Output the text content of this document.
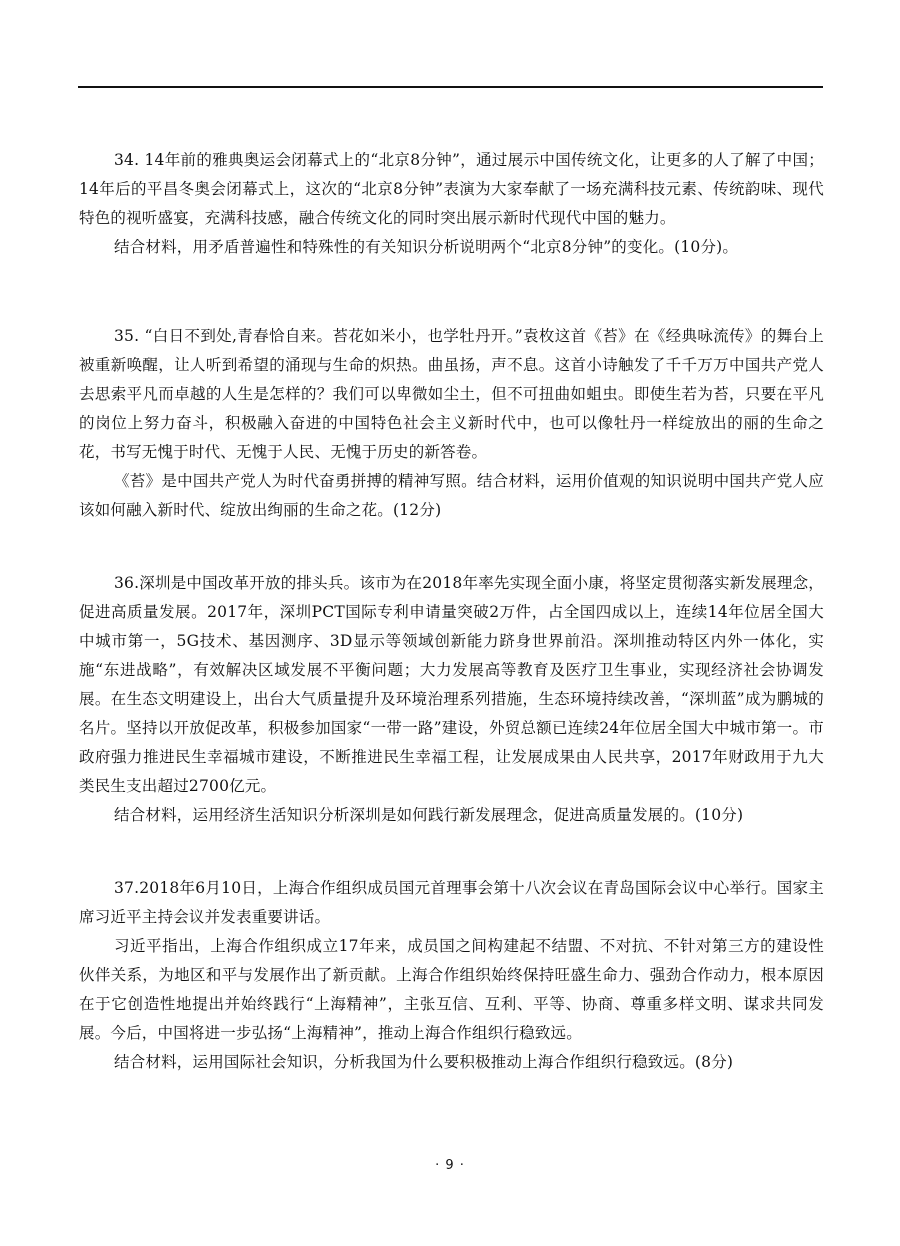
34. 14年前的雅典奥运会闭幕式上的“北京8分钟”，通过展示中国传统文化，让更多的人了解了中国；14年后的平昌冬奥会闭幕式上，这次的“北京8分钟”表演为大家奉献了一场充满科技元素、传统韵味、现代特色的视听盛宴，充满科技感，融合传统文化的同时突出展示新时代现代中国的魅力。

结合材料，用矛盾普遍性和特殊性的有关知识分析说明两个“北京8分钟”的变化。(10分)。

35. “白日不到处,青春恰自来。苔花如米小，也学牡丹开。”袁枚这首《苔》在《经典咏流传》的舞台上被重新唤醒，让人听到希望的涌现与生命的炽热。曲虽扬，声不息。这首小诗触发了千千万万中国共产党人去思索平凡而卓越的人生是怎样的？我们可以卑微如尘土，但不可扭曲如蛆虫。即使生若为苔，只要在平凡的岗位上努力奋斗，积极融入奋进的中国特色社会主义新时代中，也可以像牡丹一样绽放出的丽的生命之花，书写无愧于时代、无愧于人民、无愧于历史的新答卷。

《苔》是中国共产党人为时代奋勇拼搏的精神写照。结合材料，运用价值观的知识说明中国共产党人应该如何融入新时代、绽放出绚丽的生命之花。(12分)

36.深圳是中国改革开放的排头兵。该市为在2018年率先实现全面小康，将坚定贯彻落实新发展理念，促进高质量发展。2017年，深圳PCT国际专利申请量突破2万件，占全国四成以上，连续14年位居全国大中城市第一，5G技术、基因测序、3D显示等领域创新能力跻身世界前沿。深圳推动特区内外一体化，实施“东进战略”，有效解决区域发展不平衡问题；大力发展高等教育及医疗卫生事业，实现经济社会协调发展。在生态文明建设上，出台大气质量提升及环境治理系列措施，生态环境持续改善，“深圳蓝”成为鹏城的名片。坚持以开放促改革，积极参加国家“一带一路”建设，外贸总额已连续24年位居全国大中城市第一。市政府强力推进民生幸福城市建设，不断推进民生幸福工程，让发展成果由人民共享，2017年财政用于九大类民生支出超过2700亿元。

结合材料，运用经济生活知识分析深圳是如何践行新发展理念，促进高质量发展的。(10分)

37.2018年6月10日，上海合作组织成员国元首理事会第十八次会议在青岛国际会议中心举行。国家主席习近平主持会议并发表重要讲话。

习近平指出，上海合作组织成立17年来，成员国之间构建起不结盟、不对抗、不针对第三方的建设性伙伴关系，为地区和平与发展作出了新贡献。上海合作组织始终保持旺盛生命力、强劲合作动力，根本原因在于它创造性地提出并始终践行“上海精神”，主张互信、互利、平等、协商、尊重多样文明、谋求共同发展。今后，中国将进一步弘扬“上海精神”，推动上海合作组织行稳致远。

结合材料，运用国际社会知识，分析我国为什么要积极推动上海合作组织行稳致远。(8分)

· 9 ·
